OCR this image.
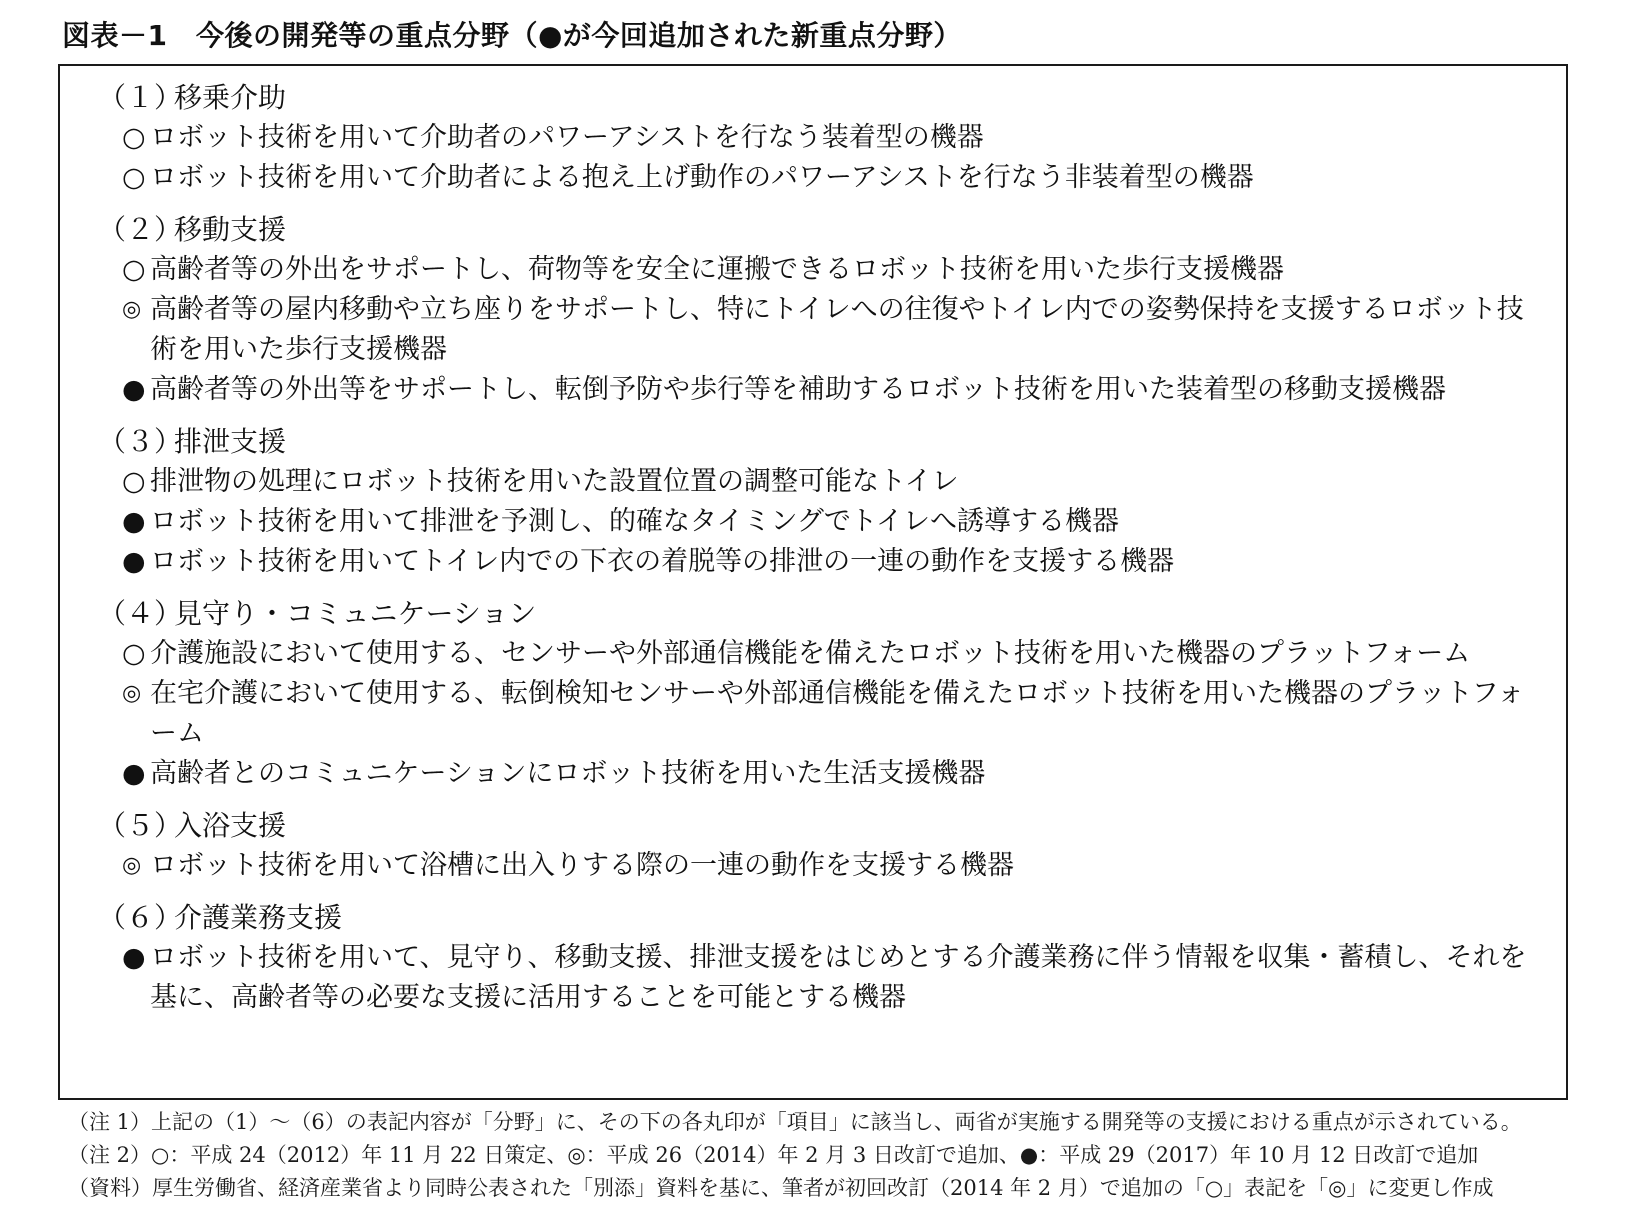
図表－1　今後の開発等の重点分野（●が今回追加された新重点分野）
（１）移乗介助
○ ロボット技術を用いて介助者のパワーアシストを行なう装着型の機器
○ ロボット技術を用いて介助者による抱え上げ動作のパワーアシストを行なう非装着型の機器
（２）移動支援
○ 高齢者等の外出をサポートし、荷物等を安全に運搬できるロボット技術を用いた歩行支援機器
◎ 高齢者等の屋内移動や立ち座りをサポートし、特にトイレへの往復やトイレ内での姿勢保持を支援するロボット技術を用いた歩行支援機器
● 高齢者等の外出等をサポートし、転倒予防や歩行等を補助するロボット技術を用いた装着型の移動支援機器
（３）排泄支援
○ 排泄物の処理にロボット技術を用いた設置位置の調整可能なトイレ
● ロボット技術を用いて排泄を予測し、的確なタイミングでトイレへ誘導する機器
● ロボット技術を用いてトイレ内での下衣の着脱等の排泄の一連の動作を支援する機器
（４）見守り・コミュニケーション
○ 介護施設において使用する、センサーや外部通信機能を備えたロボット技術を用いた機器のプラットフォーム
◎ 在宅介護において使用する、転倒検知センサーや外部通信機能を備えたロボット技術を用いた機器のプラットフォーム
● 高齢者とのコミュニケーションにロボット技術を用いた生活支援機器
（５）入浴支援
◎ ロボット技術を用いて浴槽に出入りする際の一連の動作を支援する機器
（６）介護業務支援
● ロボット技術を用いて、見守り、移動支援、排泄支援をはじめとする介護業務に伴う情報を収集・蓄積し、それを基に、高齢者等の必要な支援に活用することを可能とする機器
（注 1）上記の（1）～（6）の表記内容が「分野」に、その下の各丸印が「項目」に該当し、両省が実施する開発等の支援における重点が示されている。
（注 2）○：平成 24（2012）年 11 月 22 日策定、◎：平成 26（2014）年 2 月 3 日改訂で追加、●：平成 29（2017）年 10 月 12 日改訂で追加
（資料）厚生労働省、経済産業省より同時公表された「別添」資料を基に、筆者が初回改訂（2014 年 2 月）で追加の「○」表記を「◎」に変更し作成
